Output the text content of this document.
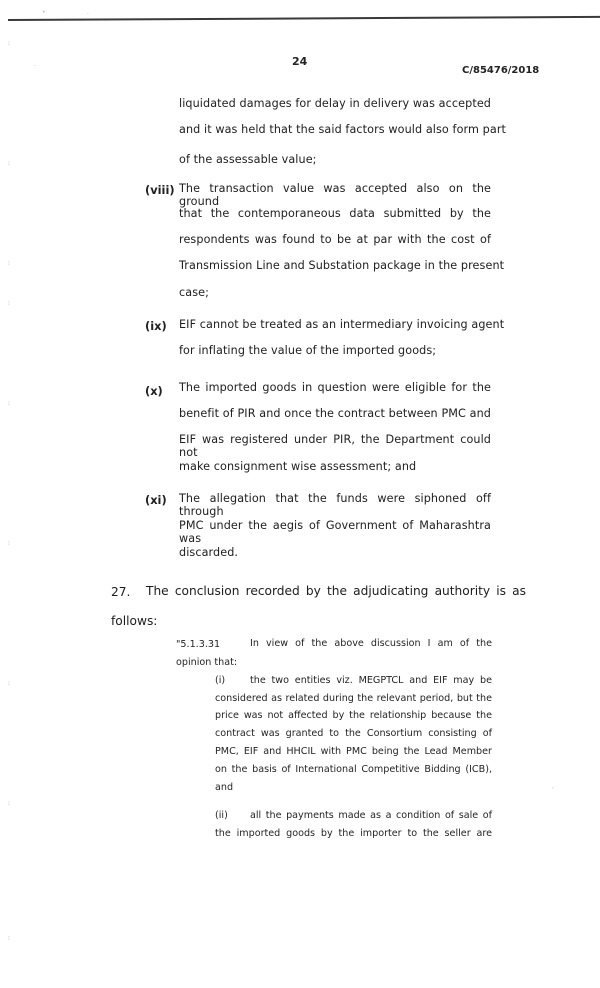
•	·
·
⁝
⁝
⁝
⁝
⁝
⁝
⁝
⁝
⁝
,
24
C/85476/2018
liquidated damages for delay in delivery was accepted
and it was held that the said factors would also form part
of the assessable value;
(viii) The transaction value was accepted also on the ground
that the contemporaneous data submitted by the
respondents was found to be at par with the cost of
Transmission Line and Substation package in the present
case;
(ix) EIF cannot be treated as an intermediary invoicing agent
for inflating the value of the imported goods;
(x) The imported goods in question were eligible for the
benefit of PIR and once the contract between PMC and
EIF was registered under PIR, the Department could not
make consignment wise assessment; and
(xi) The allegation that the funds were siphoned off through
PMC under the aegis of Government of Maharashtra was
discarded.
27. The conclusion recorded by the adjudicating authority is as
follows:
"5.1.3.31	In view of the above discussion I am of the
opinion that:
(i)	the two entities viz. MEGPTCL and EIF may be
considered as related during the relevant period, but the
price was not affected by the relationship because the
contract was granted to the Consortium consisting of
PMC, EIF and HHCIL with PMC being the Lead Member
on the basis of International Competitive Bidding (ICB),
and
(ii) all the payments made as a condition of sale of
the imported goods by the importer to the seller are
